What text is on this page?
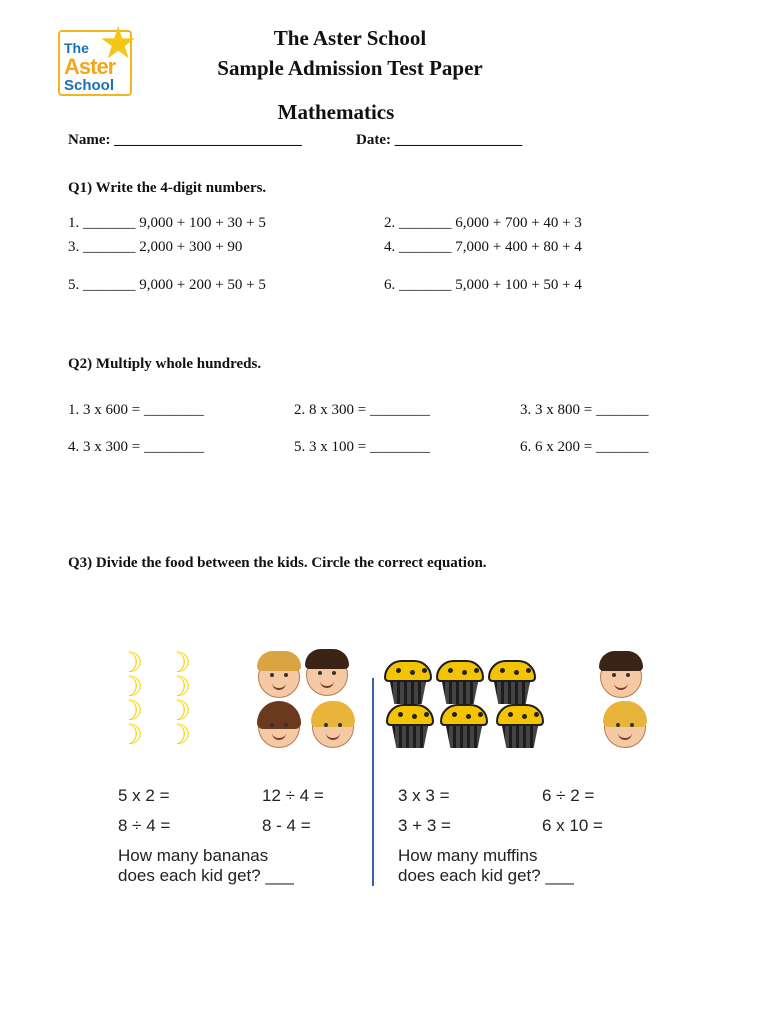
★
The
Aster
School
The Aster School
Sample Admission Test Paper
Mathematics
Name: _________________________	Date: _________________
Q1) Write the 4-digit numbers.
1. _______ 9,000 + 100 + 30 + 5	2. _______ 6,000 + 700 + 40 + 3
3. _______ 2,000 + 300 + 90	4. _______ 7,000 + 400 + 80 + 4
5. _______ 9,000 + 200 + 50 + 5	6. _______ 5,000 + 100 + 50 + 4
Q2) Multiply whole hundreds.
1. 3 x 600 = ________	2. 8 x 300 = ________	3. 3 x 800 = _______
4. 3 x 300 = ________	5. 3 x 100 = ________	6. 6 x 200 = _______
Q3) Divide the food between the kids. Circle the correct equation.
☽ ☽
☽ ☽
☽ ☽
☽ ☽
5 x 2 =	12 ÷ 4 =
8 ÷ 4 =	8 - 4 =
How many bananas
does each kid get? ___
3 x 3 =	6 ÷ 2 =
3 + 3 =	6 x 10 =
How many muffins
does each kid get? ___
